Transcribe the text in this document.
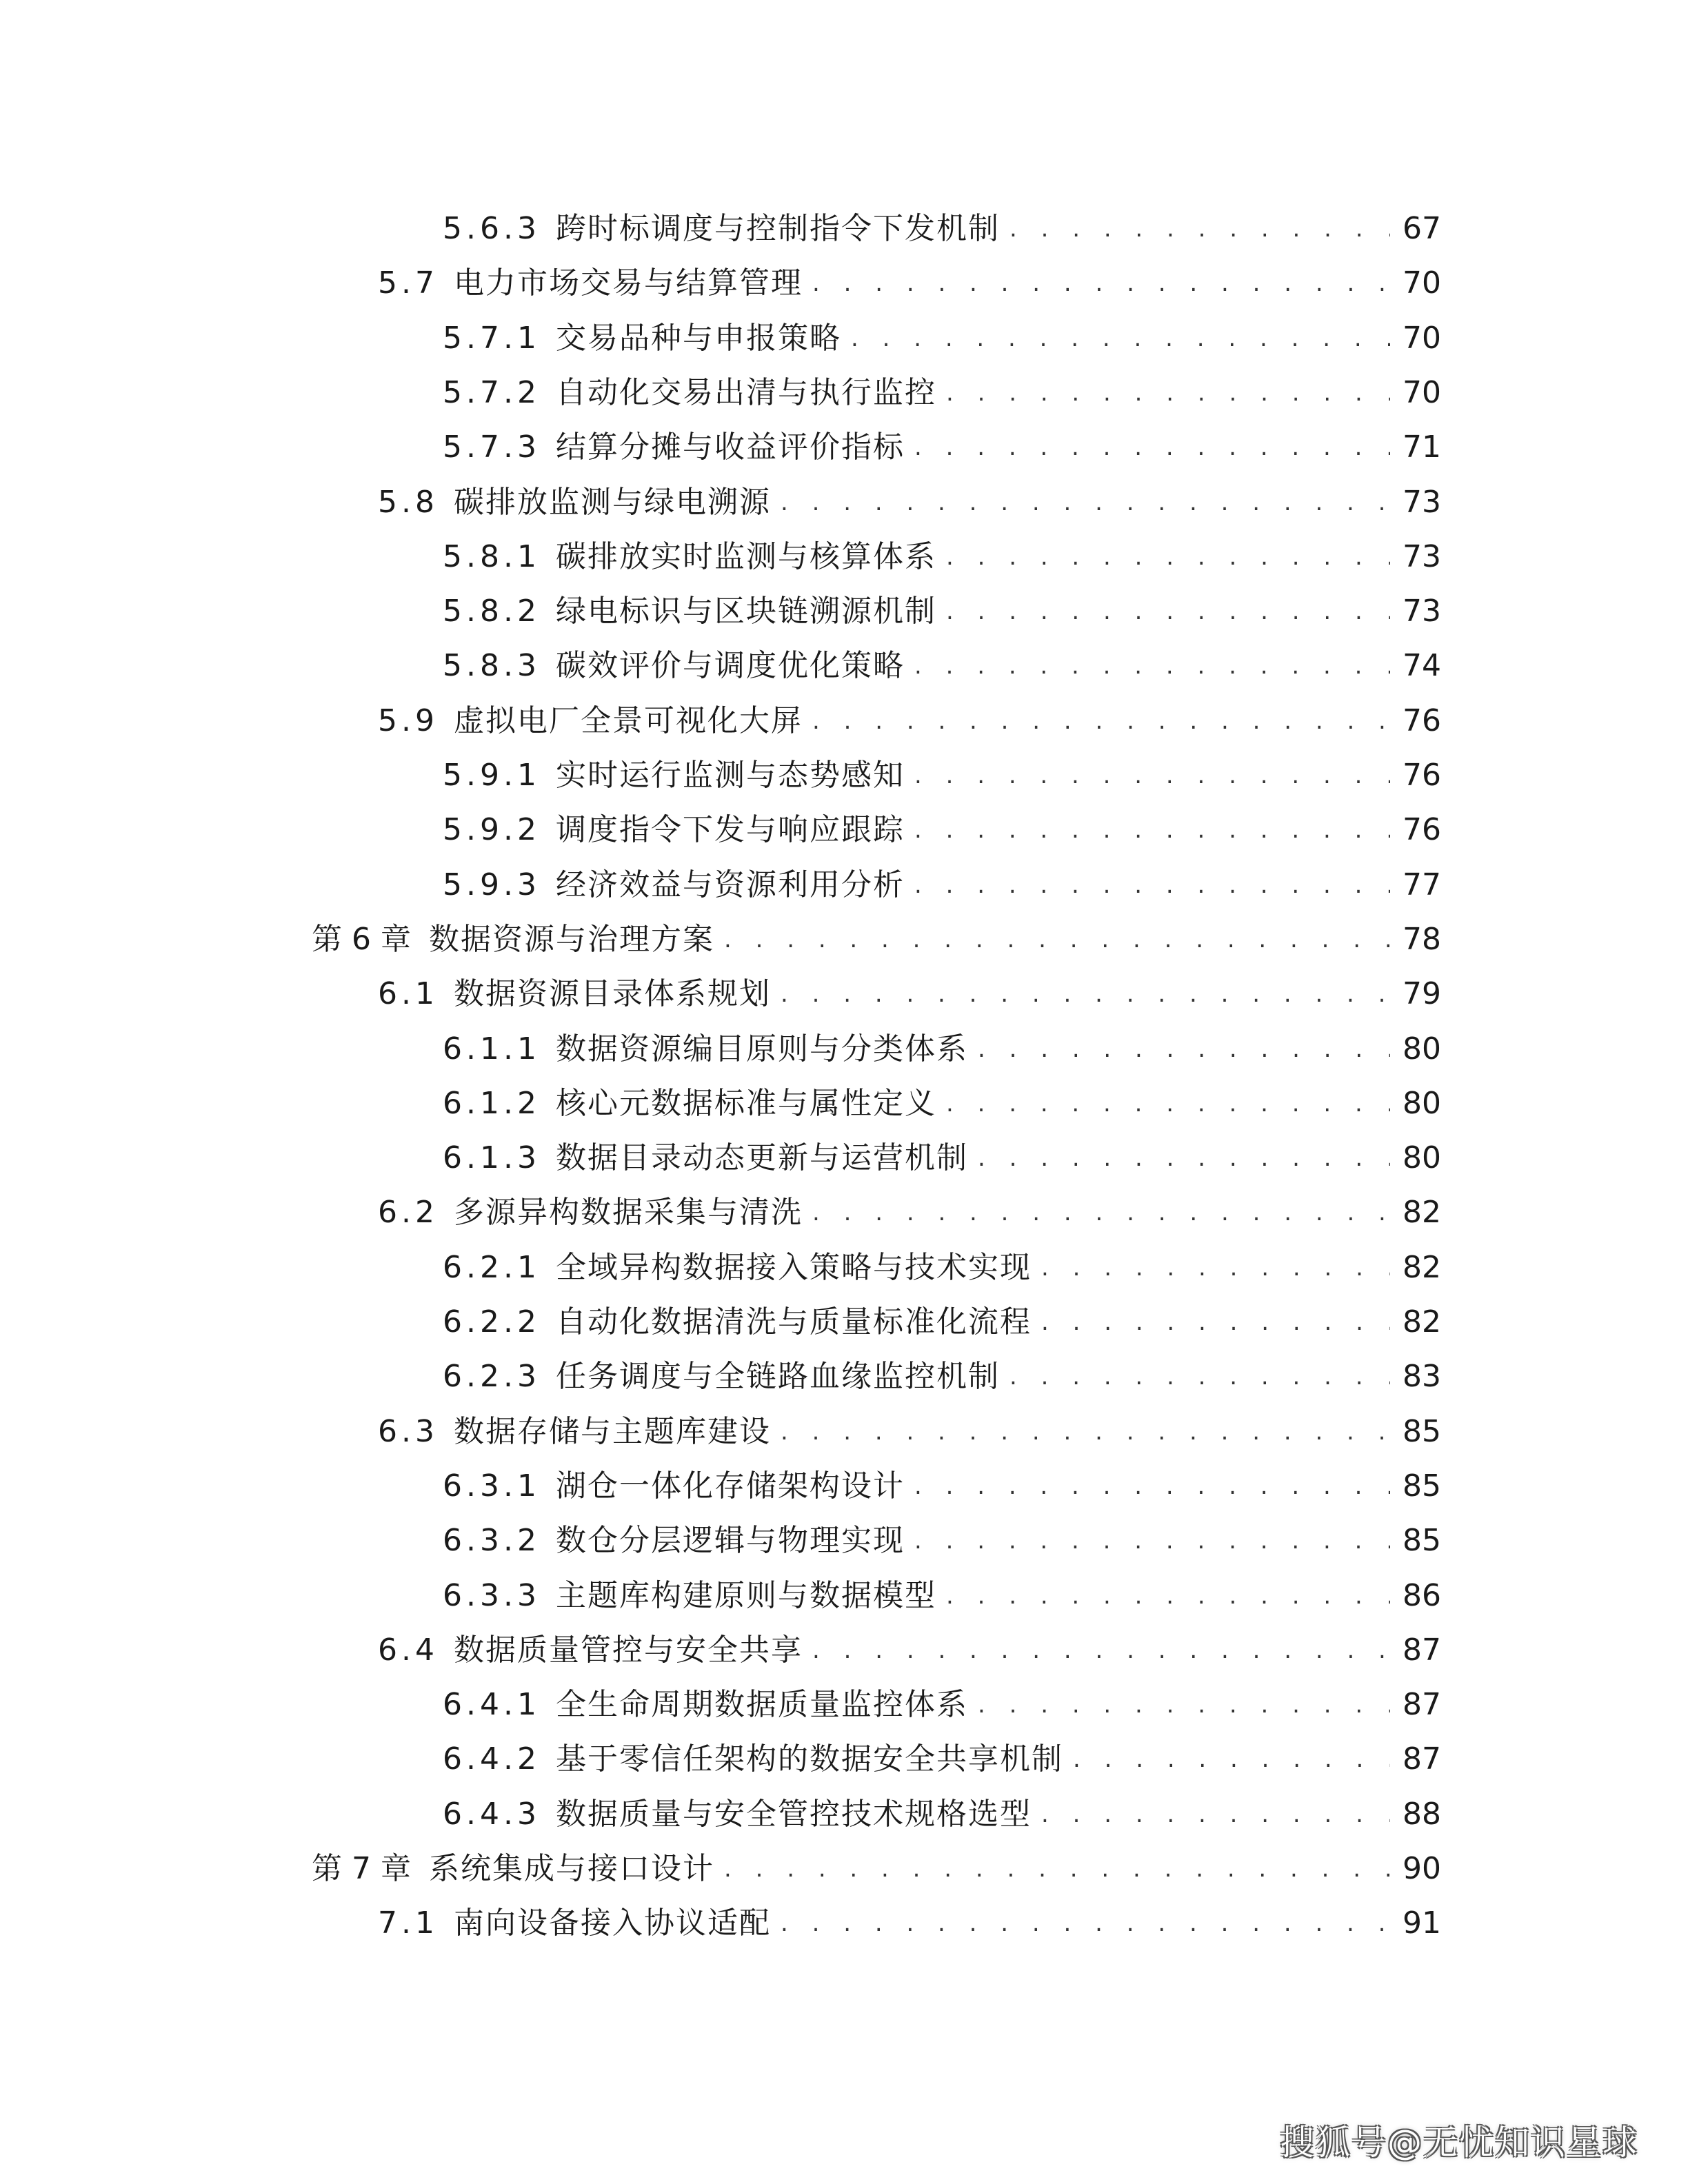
5.6.3 跨时标调度与控制指令下发机制 . . .	67
5.7 电力市场交易与结算管理 . . .	70
5.7.1 交易品种与申报策略 . . .	70
5.7.2 自动化交易出清与执行监控 . . .	70
5.7.3 结算分摊与收益评价指标 . . .	71
5.8 碳排放监测与绿电溯源 . . .	73
5.8.1 碳排放实时监测与核算体系 . . .	73
5.8.2 绿电标识与区块链溯源机制 . . .	73
5.8.3 碳效评价与调度优化策略 . . .	74
5.9 虚拟电厂全景可视化大屏 . . .	76
5.9.1 实时运行监测与态势感知 . . .	76
5.9.2 调度指令下发与响应跟踪 . . .	76
5.9.3 经济效益与资源利用分析 . . .	77
第 6 章 数据资源与治理方案 . . .	78
6.1 数据资源目录体系规划 . . .	79
6.1.1 数据资源编目原则与分类体系 . . .	80
6.1.2 核心元数据标准与属性定义 . . .	80
6.1.3 数据目录动态更新与运营机制 . . .	80
6.2 多源异构数据采集与清洗 . . .	82
6.2.1 全域异构数据接入策略与技术实现 . . .	82
6.2.2 自动化数据清洗与质量标准化流程 . . .	82
6.2.3 任务调度与全链路血缘监控机制 . . .	83
6.3 数据存储与主题库建设 . . .	85
6.3.1 湖仓一体化存储架构设计 . . .	85
6.3.2 数仓分层逻辑与物理实现 . . .	85
6.3.3 主题库构建原则与数据模型 . . .	86
6.4 数据质量管控与安全共享 . . .	87
6.4.1 全生命周期数据质量监控体系 . . .	87
6.4.2 基于零信任架构的数据安全共享机制 . . .	87
6.4.3 数据质量与安全管控技术规格选型 . . .	88
第 7 章 系统集成与接口设计 . . .	90
7.1 南向设备接入协议适配 . . .	91
搜狐号@无忧知识星球
